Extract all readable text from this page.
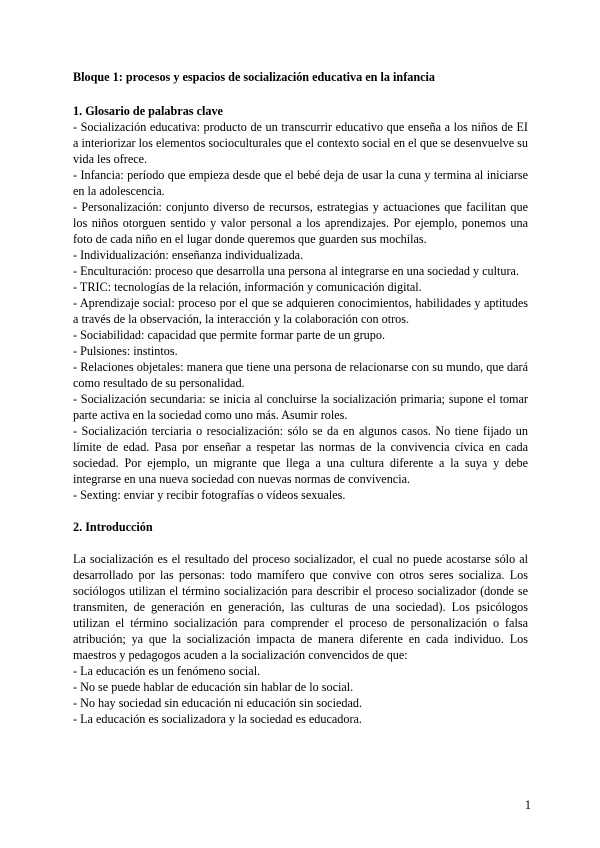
Bloque 1: procesos y espacios de socialización educativa en la infancia

1. Glosario de palabras clave

- Socialización educativa: producto de un transcurrir educativo que enseña a los niños de EI a interiorizar los elementos socioculturales que el contexto social en el que se desenvuelve su vida les ofrece.

- Infancia: período que empieza desde que el bebé deja de usar la cuna y termina al iniciarse en la adolescencia.

- Personalización: conjunto diverso de recursos, estrategias y actuaciones que facilitan que los niños otorguen sentido y valor personal a los aprendizajes. Por ejemplo, ponemos una foto de cada niño en el lugar donde queremos que guarden sus mochilas.

- Individualización: enseñanza individualizada.

- Enculturación: proceso que desarrolla una persona al integrarse en una sociedad y cultura.

- TRIC: tecnologías de la relación, información y comunicación digital.

- Aprendizaje social: proceso por el que se adquieren conocimientos, habilidades y aptitudes a través de la observación, la interacción y la colaboración con otros.

- Sociabilidad: capacidad que permite formar parte de un grupo.

- Pulsiones: instintos.

- Relaciones objetales: manera que tiene una persona de relacionarse con su mundo, que dará como resultado de su personalidad.

- Socialización secundaria: se inicia al concluirse la socialización primaria; supone el tomar parte activa en la sociedad como uno más. Asumir roles.

- Socialización terciaria o resocialización: sólo se da en algunos casos. No tiene fijado un límite de edad. Pasa por enseñar a respetar las normas de la convivencia cívica en cada sociedad. Por ejemplo, un migrante que llega a una cultura diferente a la suya y debe integrarse en una nueva sociedad con nuevas normas de convivencia.

- Sexting: enviar y recibir fotografías o vídeos sexuales.

2. Introducción

La socialización es el resultado del proceso socializador, el cual no puede acostarse sólo al desarrollado por las personas: todo mamífero que convive con otros seres socializa. Los sociólogos utilizan el término socialización para describir el proceso socializador (donde se transmiten, de generación en generación, las culturas de una sociedad). Los psicólogos utilizan el término socialización para comprender el proceso de personalización o falsa atribución; ya que la socialización impacta de manera diferente en cada individuo. Los maestros y pedagogos acuden a la socialización convencidos de que:

- La educación es un fenómeno social.

- No se puede hablar de educación sin hablar de lo social.

- No hay sociedad sin educación ni educación sin sociedad.

- La educación es socializadora y la sociedad es educadora.

1
